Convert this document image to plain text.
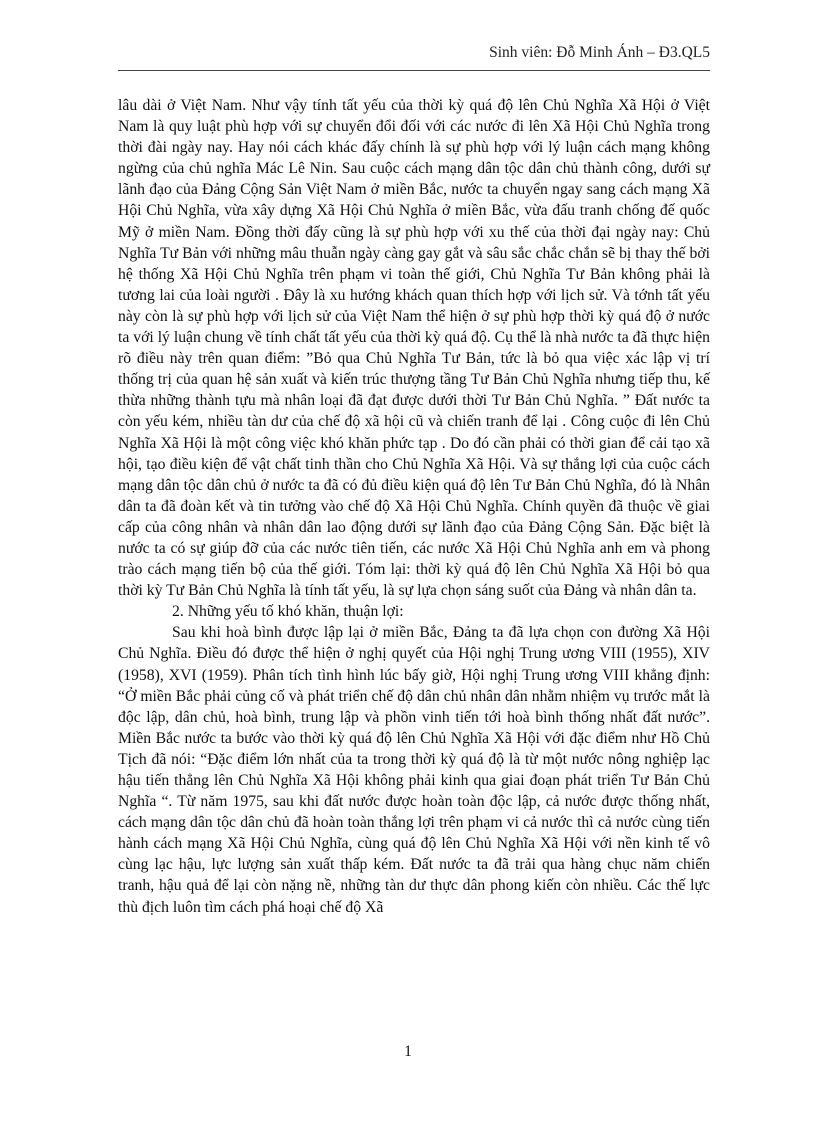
Sinh viên: Đỗ Minh Ánh – Đ3.QL5

lâu dài ở Việt Nam. Như vậy tính tất yếu của thời kỳ quá độ lên Chủ Nghĩa Xã Hội ở Việt Nam là quy luật phù hợp với sự chuyển đổi đối với các nước đi lên Xã Hội Chủ Nghĩa trong thời đài ngày nay. Hay nói cách khác đấy chính là sự phù hợp với lý luận cách mạng không ngừng của chủ nghĩa Mác Lê Nin. Sau cuộc cách mạng dân tộc dân chủ thành công, dưới sự lãnh đạo của Đảng Cộng Sản Việt Nam ở miền Bắc, nước ta chuyển ngay sang cách mạng Xã Hội Chủ Nghĩa, vừa xây dựng Xã Hội Chủ Nghĩa ở miền Bắc, vừa đấu tranh chống đế quốc Mỹ ở miền Nam. Đồng thời đấy cũng là sự phù hợp với xu thế của thời đại ngày nay: Chủ Nghĩa Tư Bản với những mâu thuẫn ngày càng gay gắt và sâu sắc chắc chắn sẽ bị thay thế bởi hệ thống Xã Hội Chủ Nghĩa trên phạm vi toàn thế giới, Chủ Nghĩa Tư Bản không phải là tương lai của loài người . Đây là xu hướng khách quan thích hợp với lịch sử. Và tớnh tất yếu này còn là sự phù hợp với lịch sử của Việt Nam thể hiện ở sự phù hợp thời kỳ quá độ ở nước ta với lý luận chung về tính chất tất yếu của thời kỳ quá độ. Cụ thể là nhà nước ta đã thực hiện rõ điều này trên quan điểm: ”Bỏ qua Chủ Nghĩa Tư Bản, tức là bỏ qua việc xác lập vị trí thống trị của quan hệ sản xuất và kiến trúc thượng tầng Tư Bản Chủ Nghĩa nhưng tiếp thu, kế thừa những thành tựu mà nhân loại đã đạt được dưới thời Tư Bản Chủ Nghĩa. ” Đất nước ta còn yếu kém, nhiều tàn dư của chế độ xã hội cũ và chiến tranh để lại . Công cuộc đi lên Chủ Nghĩa Xã Hội là một công việc khó khăn phức tạp . Do đó cần phải có thời gian để cải tạo xã hội, tạo điều kiện để vật chất tinh thần cho Chủ Nghĩa Xã Hội. Và sự thắng lợi của cuộc cách mạng dân tộc dân chủ ở nước ta đã có đủ điều kiện quá độ lên Tư Bản Chủ Nghĩa, đó là Nhân dân ta đã đoàn kết và tin tưởng vào chế độ Xã Hội Chủ Nghĩa. Chính quyền đã thuộc về giai cấp của công nhân và nhân dân lao động dưới sự lãnh đạo của Đảng Cộng Sản. Đặc biệt là nước ta có sự giúp đỡ của các nước tiên tiến, các nước Xã Hội Chủ Nghĩa anh em và phong trào cách mạng tiến bộ của thế giới. Tóm lại: thời kỳ quá độ lên Chủ Nghĩa Xã Hội bỏ qua thời kỳ Tư Bản Chủ Nghĩa là tính tất yếu, là sự lựa chọn sáng suốt của Đảng và nhân dân ta.

2. Những yếu tố khó khăn, thuận lợi:

Sau khi hoà bình được lập lại ở miền Bắc, Đảng ta đã lựa chọn con đường Xã Hội Chủ Nghĩa. Điều đó được thể hiện ở nghị quyết của Hội nghị Trung ương VIII (1955), XIV (1958), XVI (1959). Phân tích tình hình lúc bấy giờ, Hội nghị Trung ương VIII khẳng định: “Ở miền Bắc phải củng cố và phát triển chế độ dân chủ nhân dân nhằm nhiệm vụ trước mắt là độc lập, dân chủ, hoà bình, trung lập và phồn vinh tiến tới hoà bình thống nhất đất nước”. Miền Bắc nước ta bước vào thời kỳ quá độ lên Chủ Nghĩa Xã Hội với đặc điểm như Hồ Chủ Tịch đã nói: “Đặc điểm lớn nhất của ta trong thời kỳ quá độ là từ một nước nông nghiệp lạc hậu tiến thẳng lên Chủ Nghĩa Xã Hội không phải kinh qua giai đoạn phát triển Tư Bản Chủ Nghĩa “. Từ năm 1975, sau khi đất nước được hoàn toàn độc lập, cả nước được thống nhất, cách mạng dân tộc dân chủ đã hoàn toàn thắng lợi trên phạm vi cả nước thì cả nước cùng tiến hành cách mạng Xã Hội Chủ Nghĩa, cùng quá độ lên Chủ Nghĩa Xã Hội với nền kinh tế vô cùng lạc hậu, lực lượng sản xuất thấp kém. Đất nước ta đã trải qua hàng chục năm chiến tranh, hậu quả để lại còn nặng nề, những tàn dư thực dân phong kiến còn nhiều. Các thế lực thù địch luôn tìm cách phá hoại chế độ Xã

1
